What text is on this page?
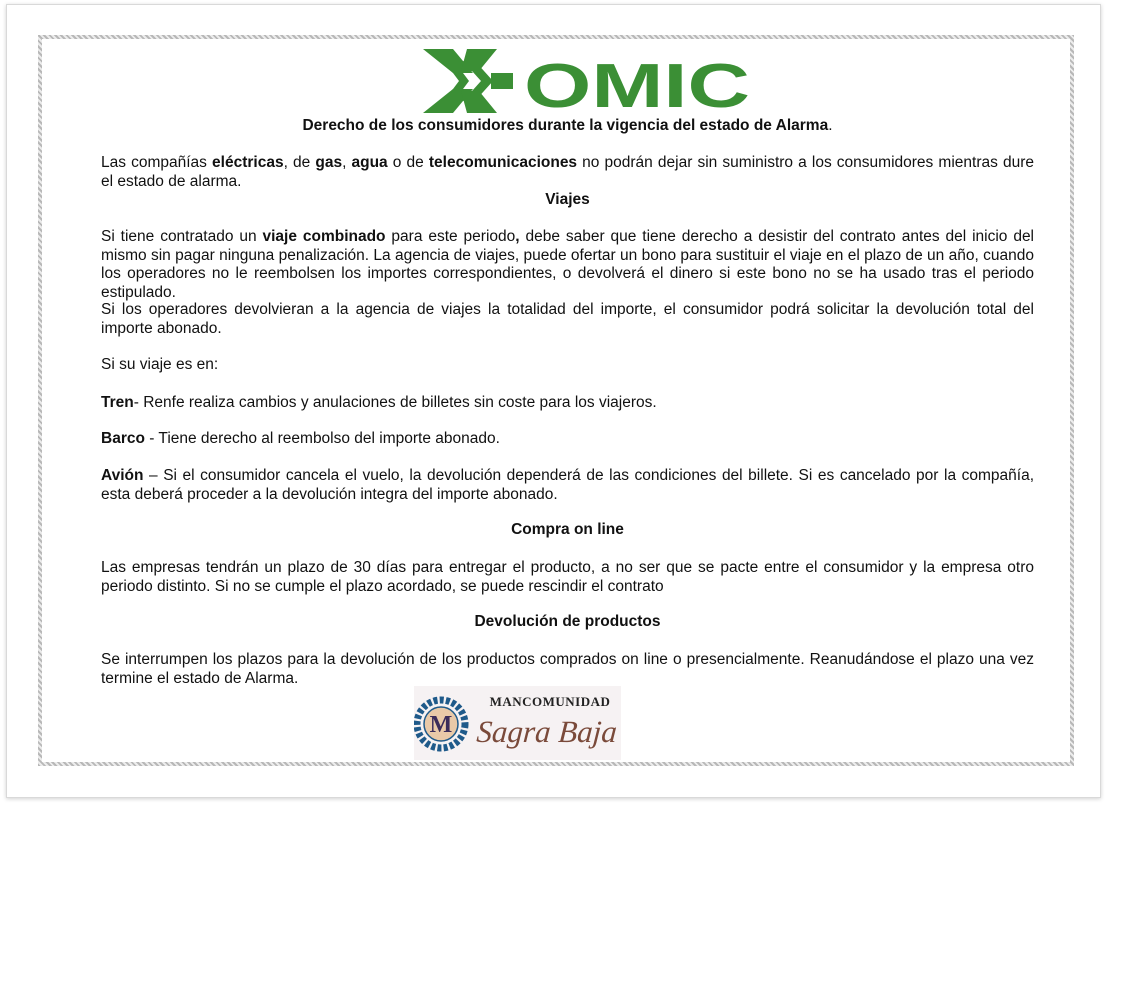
OMIC

Derecho de los consumidores durante la vigencia del estado de Alarma.

Las compañías eléctricas, de gas, agua o de telecomunicaciones no podrán dejar sin suministro a los consumidores mientras dure el estado de alarma.

Viajes

Si tiene contratado un viaje combinado para este periodo, debe saber que tiene derecho a desistir del contrato antes del inicio del mismo sin pagar ninguna penalización. La agencia de viajes, puede ofertar un bono para sustituir el viaje en el plazo de un año, cuando los operadores no le reembolsen los importes correspondientes, o devolverá el dinero si este bono no se ha usado tras el periodo estipulado.

Si los operadores devolvieran a la agencia de viajes la totalidad del importe, el consumidor podrá solicitar la devolución total del importe abonado.

Si su viaje es en:

Tren- Renfe realiza cambios y anulaciones de billetes sin coste para los viajeros.

Barco - Tiene derecho al reembolso del importe abonado.

Avión – Si el consumidor cancela el vuelo, la devolución dependerá de las condiciones del billete. Si es cancelado por la compañía, esta deberá proceder a la devolución integra del importe abonado.

Compra on line

Las empresas tendrán un plazo de 30 días para entregar el producto, a no ser que se pacte entre el consumidor y la empresa otro periodo distinto. Si no se cumple el plazo acordado, se puede rescindir el contrato

Devolución de productos

Se interrumpen los plazos para la devolución de los productos comprados on line o presencialmente. Reanudándose el plazo una vez termine el estado de Alarma.

M
MANCOMUNIDAD
Sagra Baja
